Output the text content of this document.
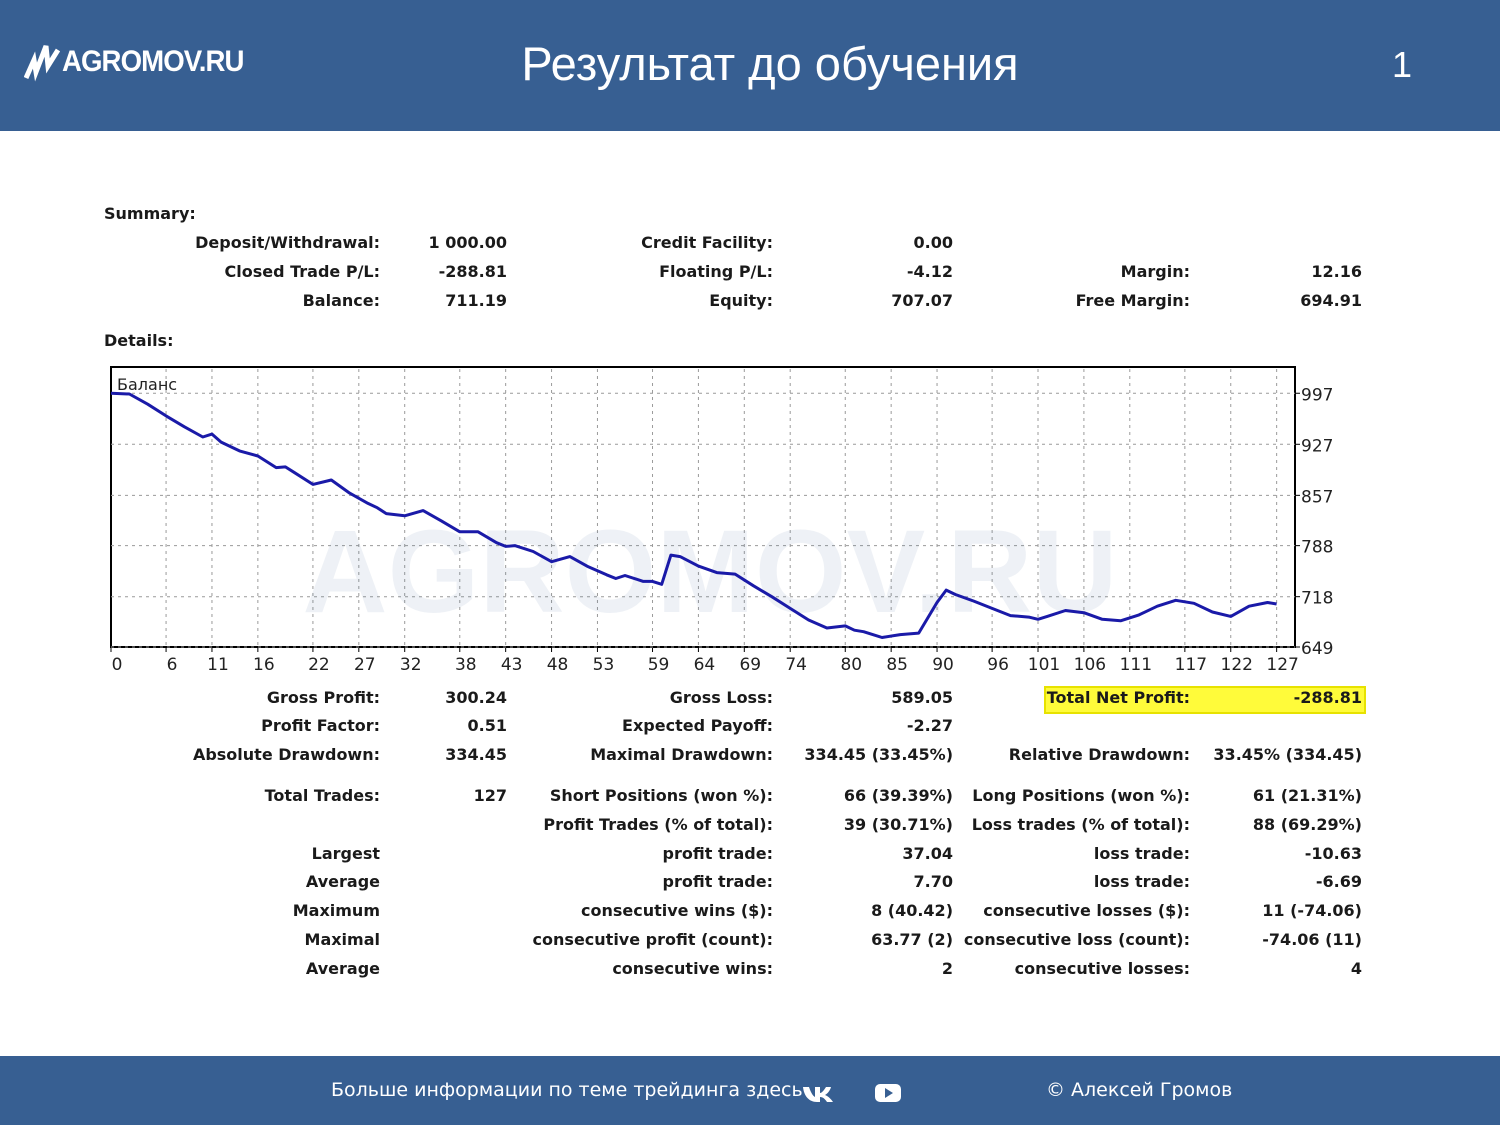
AGROMOV.RU	Результат до обучения	1
Summary:
Deposit/Withdrawal:	1 000.00	Credit Facility:	0.00
Closed Trade P/L:	-288.81	Floating P/L:	-4.12	Margin:	12.16
Balance:	711.19	Equity:	707.07	Free Margin:	694.91
Details:
Gross Profit:	300.24	Gross Loss:	589.05	Total Net Profit:	-288.81
Profit Factor:	0.51	Expected Payoff:	-2.27
Absolute Drawdown:	334.45	Maximal Drawdown: 334.45 (33.45%)	Relative Drawdown: 33.45% (334.45)
Total Trades:	127	Short Positions (won %):	66 (39.39%) Long Positions (won %):	61 (21.31%)
Profit Trades (% of total):	39 (30.71%) Loss trades (% of total):	88 (69.29%)
Largest	profit trade:	37.04	loss trade:	-10.63
Average	profit trade:	7.70	loss trade:	-6.69
Maximum	consecutive wins ($):	8 (40.42) consecutive losses ($):	11 (-74.06)
Maximal	consecutive profit (count):	63.77 (2) consecutive loss (count):	-74.06 (11)
Average	consecutive wins:	2	consecutive losses:	4
AGROMOV.RU
Баланс
0	6 11 16 22 27 32 38 43 48 53 59 64 69 74 80 85 90 96 101 106 111 117 122 127
997
927
857
788
718
649
Больше информации по теме трейдинга здесь	© Алексей Громов
